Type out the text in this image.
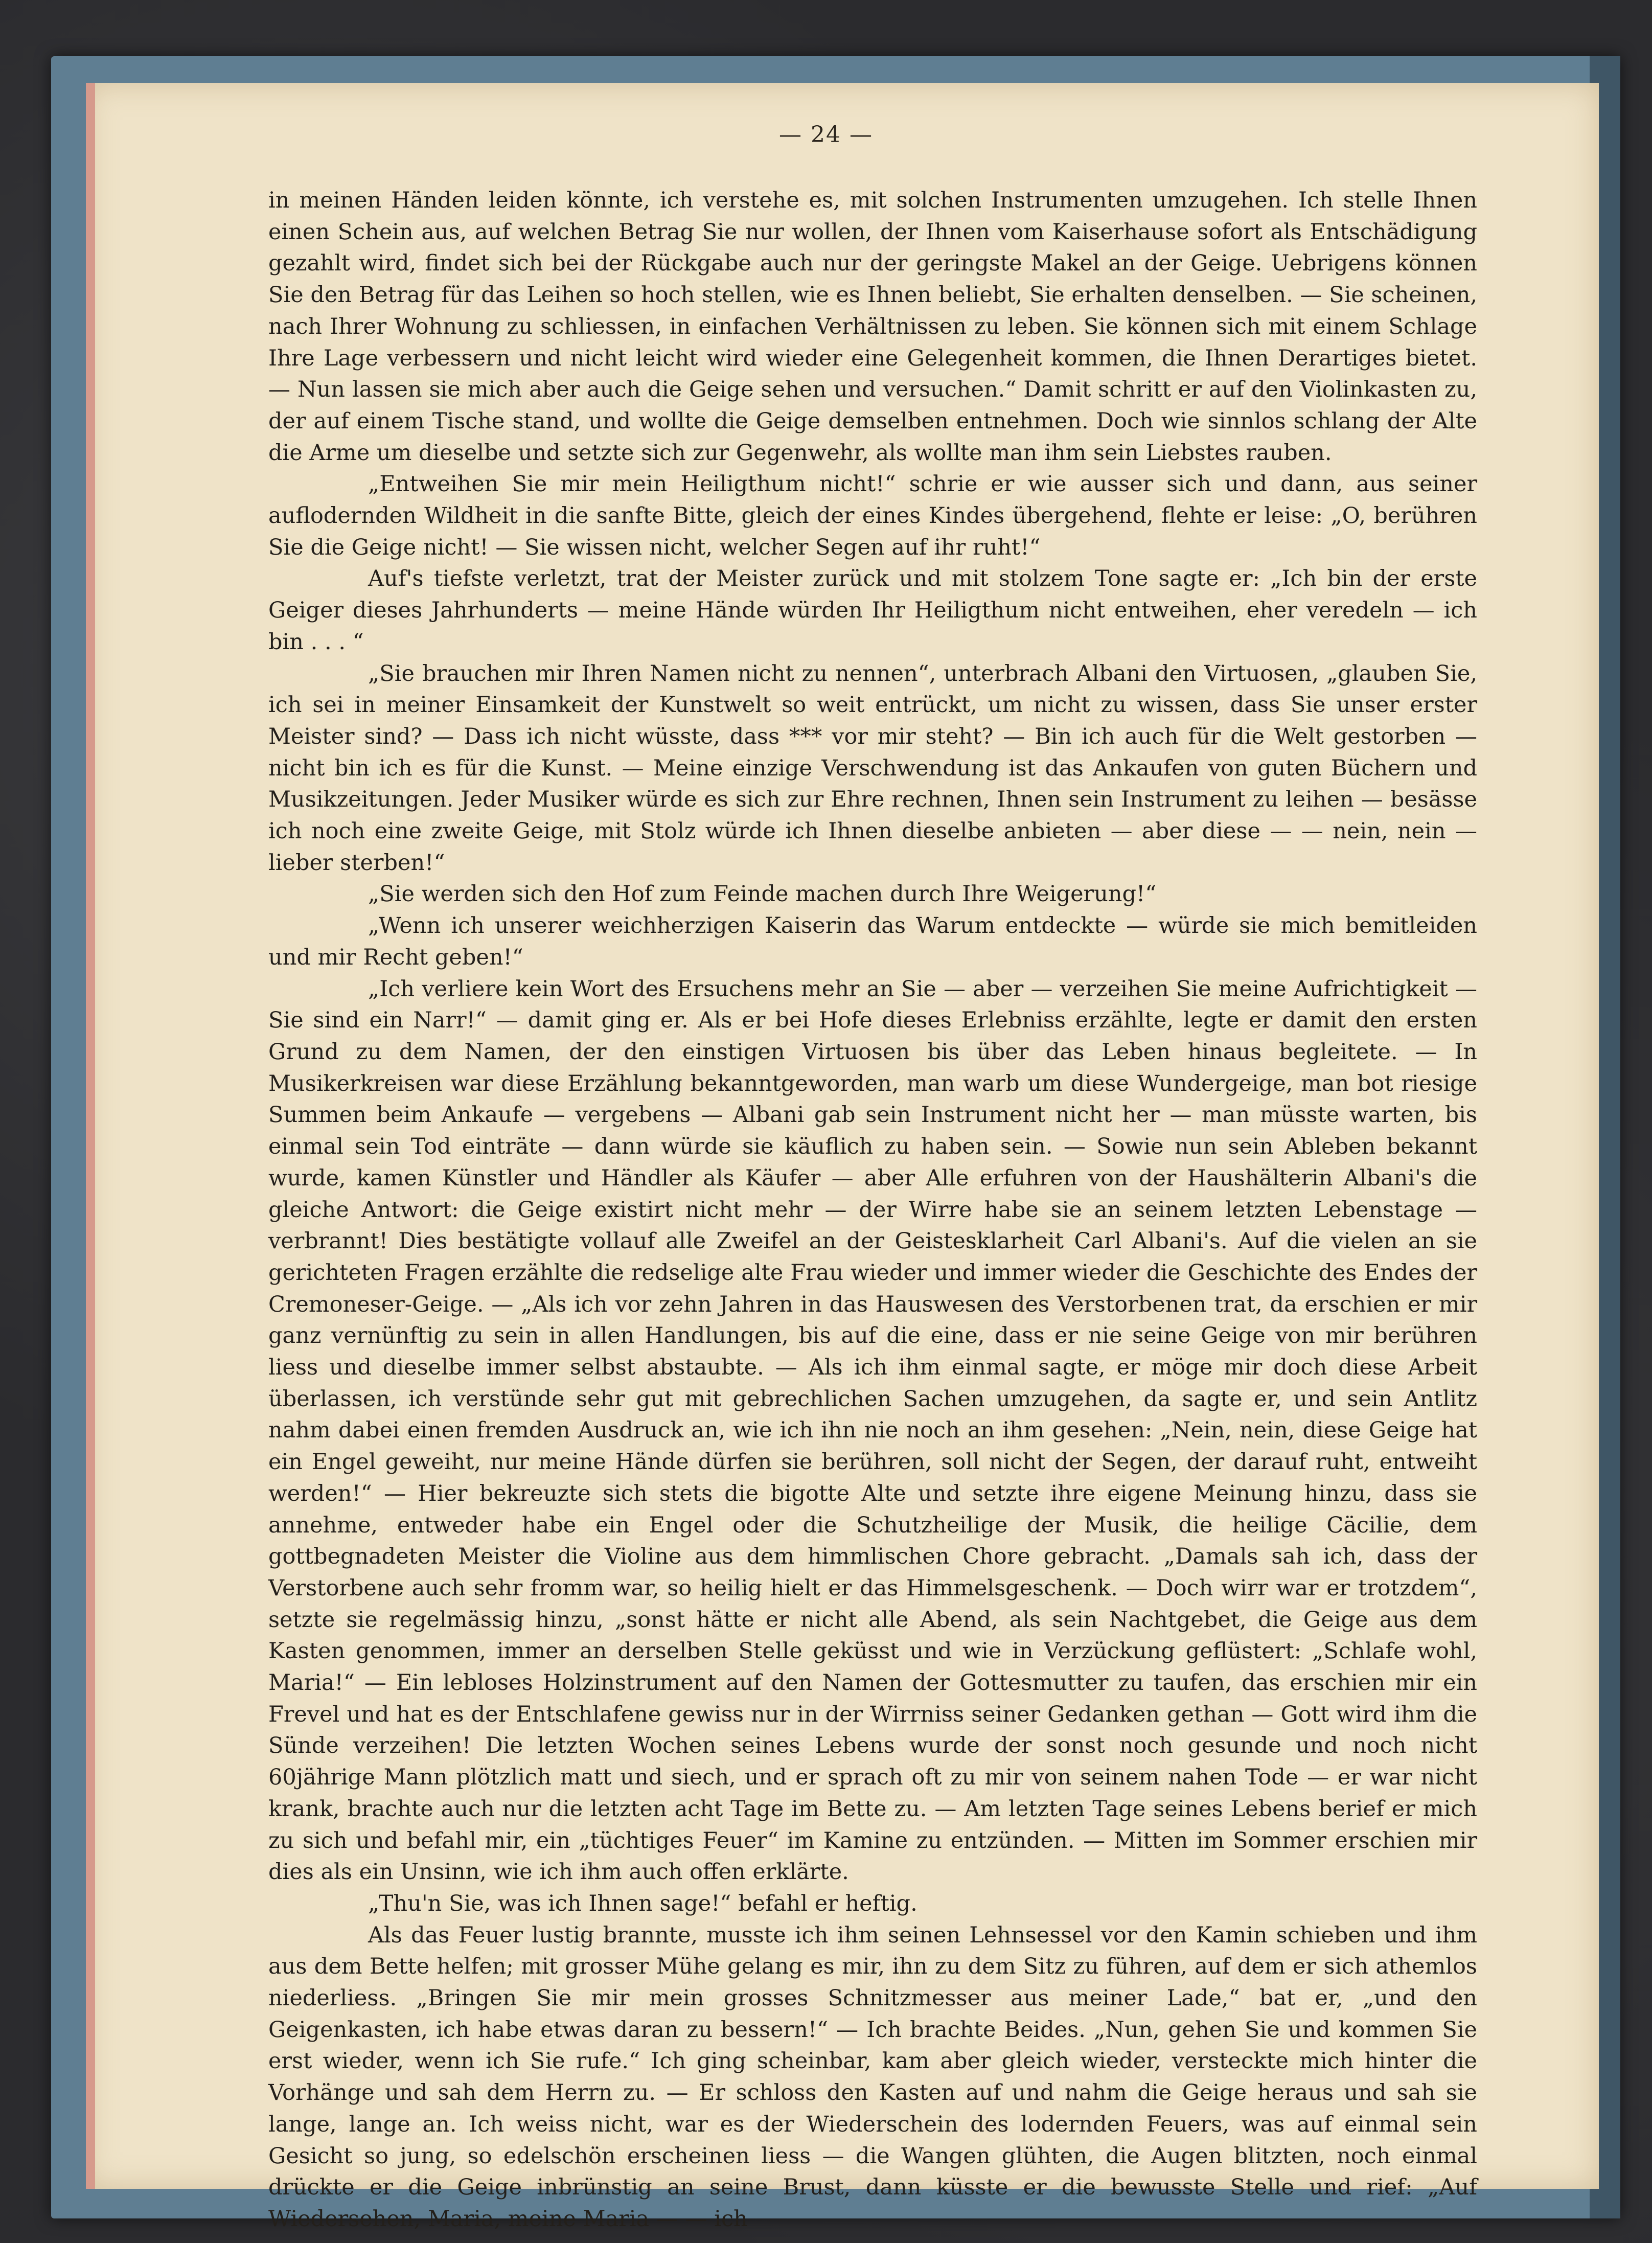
— 24 —

in meinen Händen leiden könnte, ich verstehe es, mit solchen Instrumenten umzugehen. Ich stelle Ihnen einen Schein aus, auf welchen Betrag Sie nur wollen, der Ihnen vom Kaiserhause sofort als Entschädigung gezahlt wird, findet sich bei der Rückgabe auch nur der geringste Makel an der Geige. Uebrigens können Sie den Betrag für das Leihen so hoch stellen, wie es Ihnen beliebt, Sie erhalten denselben. — Sie scheinen, nach Ihrer Wohnung zu schliessen, in einfachen Verhältnissen zu leben. Sie können sich mit einem Schlage Ihre Lage verbessern und nicht leicht wird wieder eine Gelegenheit kommen, die Ihnen Derartiges bietet. — Nun lassen sie mich aber auch die Geige sehen und versuchen.“ Damit schritt er auf den Violinkasten zu, der auf einem Tische stand, und wollte die Geige demselben entnehmen. Doch wie sinnlos schlang der Alte die Arme um dieselbe und setzte sich zur Gegenwehr, als wollte man ihm sein Liebstes rauben.

„Entweihen Sie mir mein Heiligthum nicht!“ schrie er wie ausser sich und dann, aus seiner auflodernden Wildheit in die sanfte Bitte, gleich der eines Kindes übergehend, flehte er leise: „O, berühren Sie die Geige nicht! — Sie wissen nicht, welcher Segen auf ihr ruht!“

Auf's tiefste verletzt, trat der Meister zurück und mit stolzem Tone sagte er: „Ich bin der erste Geiger dieses Jahrhunderts — meine Hände würden Ihr Heiligthum nicht entweihen, eher veredeln — ich bin . . . “

„Sie brauchen mir Ihren Namen nicht zu nennen“, unterbrach Albani den Virtuosen, „glauben Sie, ich sei in meiner Einsamkeit der Kunstwelt so weit entrückt, um nicht zu wissen, dass Sie unser erster Meister sind? — Dass ich nicht wüsste, dass *** vor mir steht? — Bin ich auch für die Welt gestorben — nicht bin ich es für die Kunst. — Meine einzige Verschwendung ist das Ankaufen von guten Büchern und Musikzeitungen. Jeder Musiker würde es sich zur Ehre rechnen, Ihnen sein Instrument zu leihen — besässe ich noch eine zweite Geige, mit Stolz würde ich Ihnen dieselbe anbieten — aber diese — — nein, nein — lieber sterben!“

„Sie werden sich den Hof zum Feinde machen durch Ihre Weigerung!“

„Wenn ich unserer weichherzigen Kaiserin das Warum entdeckte — würde sie mich bemitleiden und mir Recht geben!“

„Ich verliere kein Wort des Ersuchens mehr an Sie — aber — verzeihen Sie meine Aufrichtigkeit — Sie sind ein Narr!“ — damit ging er. Als er bei Hofe dieses Erlebniss erzählte, legte er damit den ersten Grund zu dem Namen, der den einstigen Virtuosen bis über das Leben hinaus begleitete. — In Musikerkreisen war diese Erzählung bekanntgeworden, man warb um diese Wundergeige, man bot riesige Summen beim Ankaufe — vergebens — Albani gab sein Instrument nicht her — man müsste warten, bis einmal sein Tod einträte — dann würde sie käuflich zu haben sein. — Sowie nun sein Ableben bekannt wurde, kamen Künstler und Händler als Käufer — aber Alle erfuhren von der Haushälterin Albani's die gleiche Antwort: die Geige existirt nicht mehr — der Wirre habe sie an seinem letzten Lebenstage — verbrannt! Dies bestätigte vollauf alle Zweifel an der Geistesklarheit Carl Albani's. Auf die vielen an sie gerichteten Fragen erzählte die redselige alte Frau wieder und immer wieder die Geschichte des Endes der Cremoneser-Geige. — „Als ich vor zehn Jahren in das Hauswesen des Verstorbenen trat, da erschien er mir ganz vernünftig zu sein in allen Handlungen, bis auf die eine, dass er nie seine Geige von mir berühren liess und dieselbe immer selbst abstaubte. — Als ich ihm einmal sagte, er möge mir doch diese Arbeit überlassen, ich verstünde sehr gut mit gebrechlichen Sachen umzugehen, da sagte er, und sein Antlitz nahm dabei einen fremden Ausdruck an, wie ich ihn nie noch an ihm gesehen: „Nein, nein, diese Geige hat ein Engel geweiht, nur meine Hände dürfen sie berühren, soll nicht der Segen, der darauf ruht, entweiht werden!“ — Hier bekreuzte sich stets die bigotte Alte und setzte ihre eigene Meinung hinzu, dass sie annehme, entweder habe ein Engel oder die Schutzheilige der Musik, die heilige Cäcilie, dem gottbegnadeten Meister die Violine aus dem himmlischen Chore gebracht. „Damals sah ich, dass der Verstorbene auch sehr fromm war, so heilig hielt er das Himmelsgeschenk. — Doch wirr war er trotzdem“, setzte sie regelmässig hinzu, „sonst hätte er nicht alle Abend, als sein Nachtgebet, die Geige aus dem Kasten genommen, immer an derselben Stelle geküsst und wie in Verzückung geflüstert: „Schlafe wohl, Maria!“ — Ein lebloses Holzinstrument auf den Namen der Gottesmutter zu taufen, das erschien mir ein Frevel und hat es der Entschlafene gewiss nur in der Wirrniss seiner Gedanken gethan — Gott wird ihm die Sünde verzeihen! Die letzten Wochen seines Lebens wurde der sonst noch gesunde und noch nicht 60jährige Mann plötzlich matt und siech, und er sprach oft zu mir von seinem nahen Tode — er war nicht krank, brachte auch nur die letzten acht Tage im Bette zu. — Am letzten Tage seines Lebens berief er mich zu sich und befahl mir, ein „tüchtiges Feuer“ im Kamine zu entzünden. — Mitten im Sommer erschien mir dies als ein Unsinn, wie ich ihm auch offen erklärte.

„Thu'n Sie, was ich Ihnen sage!“ befahl er heftig.

Als das Feuer lustig brannte, musste ich ihm seinen Lehnsessel vor den Kamin schieben und ihm aus dem Bette helfen; mit grosser Mühe gelang es mir, ihn zu dem Sitz zu führen, auf dem er sich athemlos niederliess. „Bringen Sie mir mein grosses Schnitzmesser aus meiner Lade,“ bat er, „und den Geigenkasten, ich habe etwas daran zu bessern!“ — Ich brachte Beides. „Nun, gehen Sie und kommen Sie erst wieder, wenn ich Sie rufe.“ Ich ging scheinbar, kam aber gleich wieder, versteckte mich hinter die Vorhänge und sah dem Herrn zu. — Er schloss den Kasten auf und nahm die Geige heraus und sah sie lange, lange an. Ich weiss nicht, war es der Wiederschein des lodernden Feuers, was auf einmal sein Gesicht so jung, so edelschön erscheinen liess — die Wangen glühten, die Augen blitzten, noch einmal drückte er die Geige inbrünstig an seine Brust, dann küsste er die bewusste Stelle und rief: „Auf Wiedersehen, Maria, meine Maria — — ich
